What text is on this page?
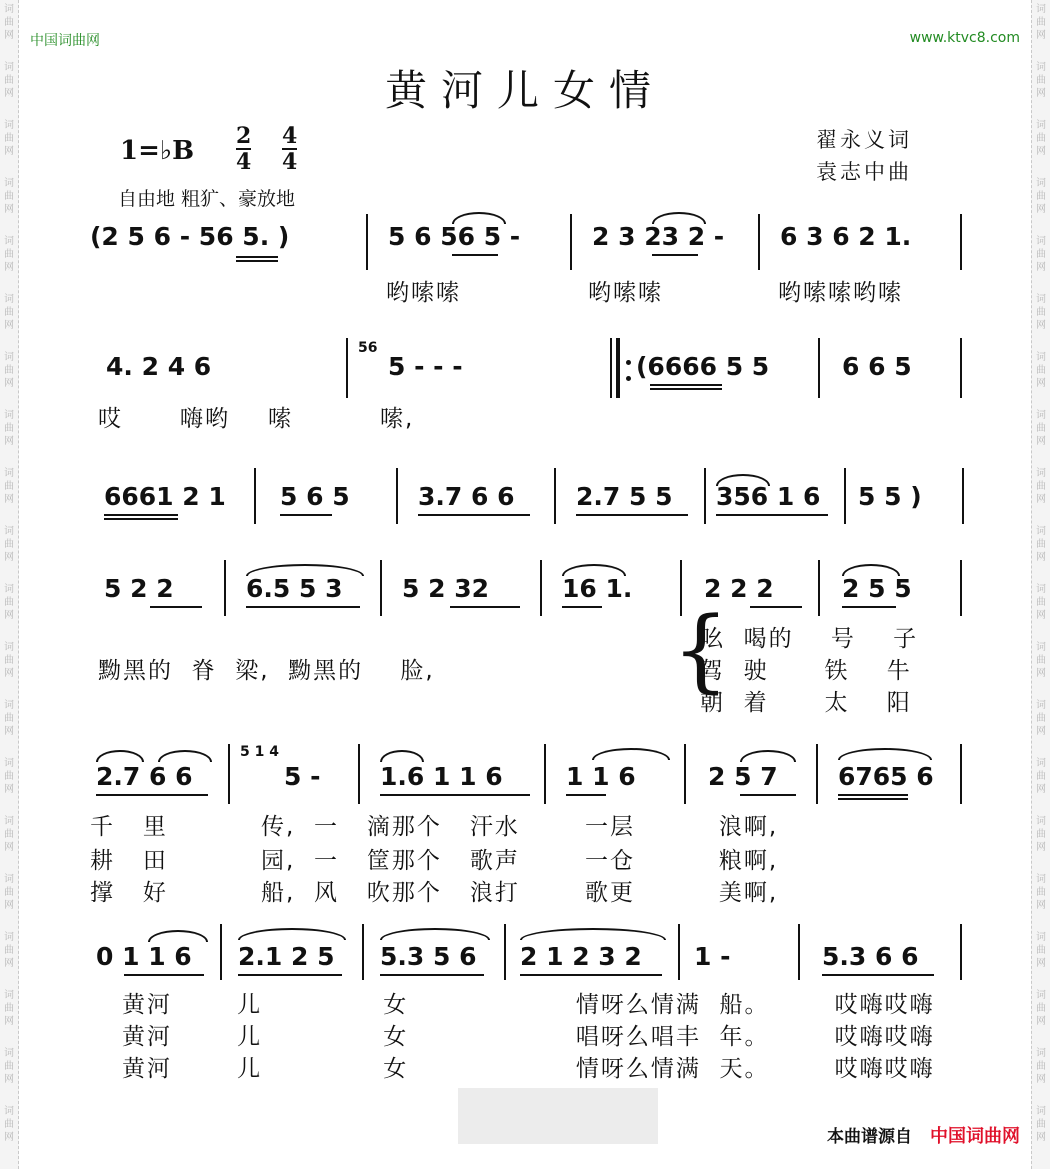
词
曲
网
词
曲
网
词
曲
网
词
曲
网
词
曲
网
词
曲
网
词
曲
网
词
曲
网
词
曲
网
词
曲
网
词
曲
网
词
曲
网
词
曲
网
词
曲
网
词
曲
网
词
曲
网
词
曲
网
词
曲
网
词
曲
网
词
曲
网
词
曲
网
词
曲
网
词
曲
网
词
曲
网
词
曲
网
词
曲
网
词
曲
网
词
曲
网
词
曲
网
词
曲
网
词
曲
网
词
曲
网
词
曲
网
词
曲
网
词
曲
网
词
曲
网
词
曲
网
词
曲
网
词
曲
网
词
曲
网
中国词曲网	www.ktvc8.com
黄河儿女情
1=♭B $\frac{2}{4} \frac{4}{4}$	翟永义词
袁志中曲
自由地 粗犷、豪放地
(2 5 6 - 56 5. )	5 6 56 5 -	2 3 23 2 - 6 3 6 2 1.
哟嗦嗦	哟嗦嗦	哟嗦嗦哟嗦
4. 2 4 6
56
5 - - -	(6666 5 5	6 6 5
哎 嗨哟 嗦	嗦,
6661 2 1 5 6 5	3.7 6 6 2.7 5 5 356 1 6 5 5 )
5 2 2	6.5 5 3 5 2 32	16 1.	2 2 2	2 5 5
黝黑的  脊  梁,  黝黑的    脸,	{
吆  喝的    号    子
驾  驶      铁    牛
朝  着      太    阳
2.7 6 6
5 1 4
5 - 1.6 1 1 6	1 1 6	2 5 7 6765 6
千   里          传,  一   滴那个   汗水       一层         浪啊,
耕   田          园,  一   筐那个   歌声       一仓         粮啊,
撑   好          船,  风   吹那个   浪打       歌更         美啊,
0 1 1 6 2.1 2 5 5.3 5 6 2 1 2 3 2 1 -	5.3 6 6
黄河       儿             女                  情呀么情满  船。       哎嗨哎嗨
黄河       儿             女                  唱呀么唱丰  年。       哎嗨哎嗨
黄河       儿             女                  情呀么情满  天。       哎嗨哎嗨
本曲谱源自 中国词曲网
